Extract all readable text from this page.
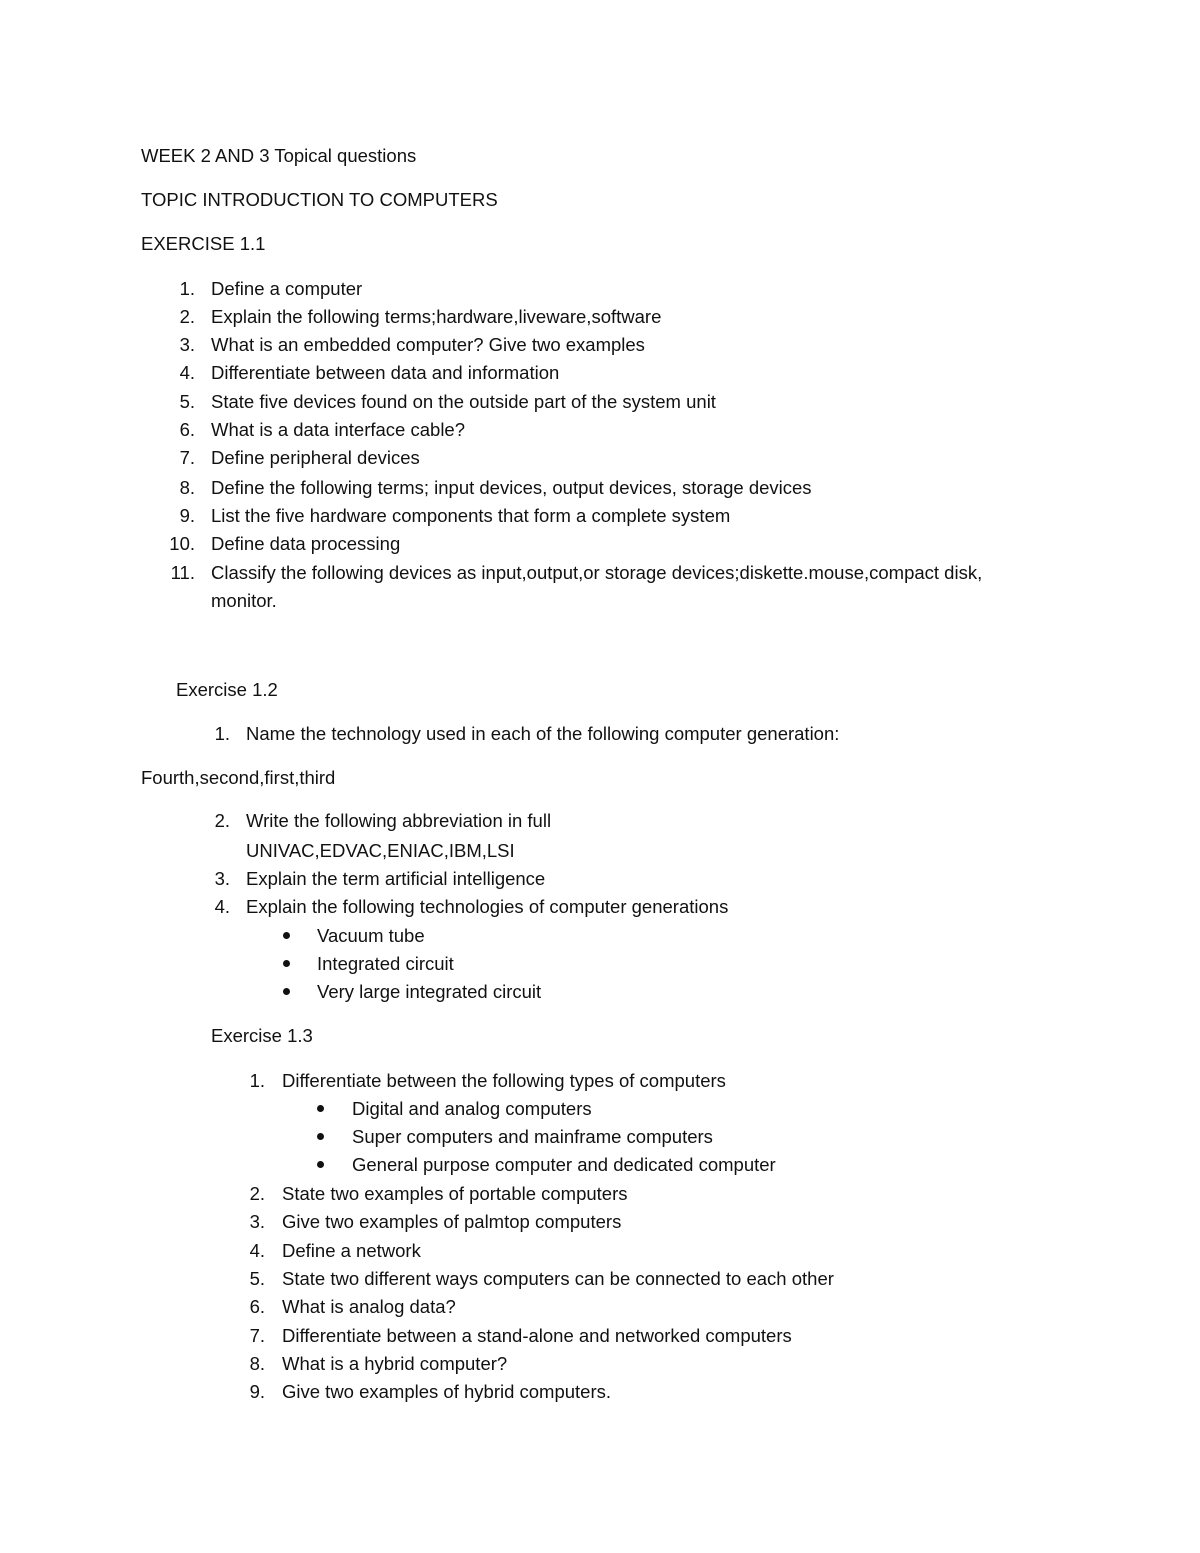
WEEK 2 AND 3 Topical questions
TOPIC INTRODUCTION TO COMPUTERS
EXERCISE 1.1
1. Define a computer
2. Explain the following terms;hardware,liveware,software
3. What is an embedded computer? Give two examples
4. Differentiate between data and information
5. State five devices found on the outside part of the system unit
6. What is a data interface cable?
7. Define peripheral devices
8. Define the following terms; input devices, output devices, storage devices
9. List the five hardware components that form a complete system
10. Define data processing
11. Classify the following devices as input,output,or storage devices;diskette.mouse,compact disk,
monitor.
Exercise 1.2
1. Name the technology used in each of the following computer generation:
Fourth,second,first,third
2. Write the following abbreviation in full
UNIVAC,EDVAC,ENIAC,IBM,LSI
3. Explain the term artificial intelligence
4. Explain the following technologies of computer generations
Vacuum tube
Integrated circuit
Very large integrated circuit
Exercise 1.3
1. Differentiate between the following types of computers
Digital and analog computers
Super computers and mainframe computers
General purpose computer and dedicated computer
2. State two examples of portable computers
3. Give two examples of palmtop computers
4. Define a network
5. State two different ways computers can be connected to each other
6. What is analog data?
7. Differentiate between a stand-alone and networked computers
8. What is a hybrid computer?
9. Give two examples of hybrid computers.
